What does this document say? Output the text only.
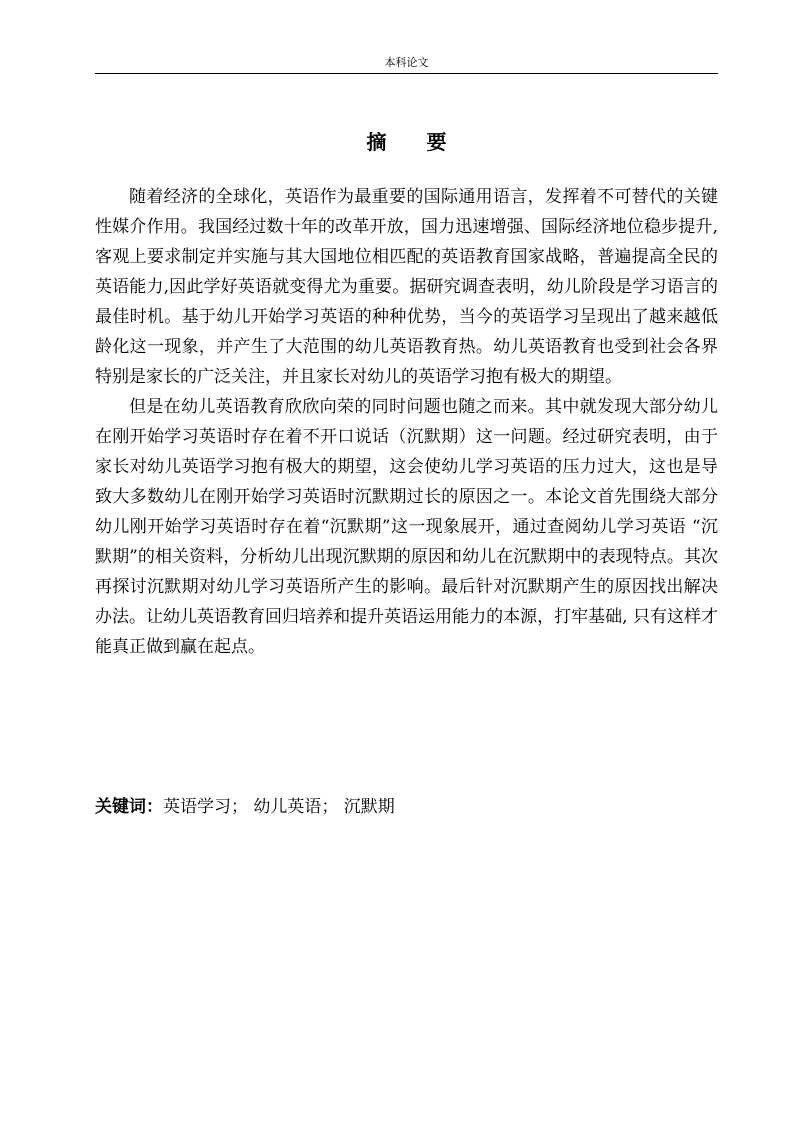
本科论文
摘　　要

随着经济的全球化，英语作为最重要的国际通用语言，发挥着不可替代的关键性媒介作用。我国经过数十年的改革开放，国力迅速增强、国际经济地位稳步提升, 客观上要求制定并实施与其大国地位相匹配的英语教育国家战略，普遍提高全民的英语能力,因此学好英语就变得尤为重要。据研究调查表明，幼儿阶段是学习语言的最佳时机。基于幼儿开始学习英语的种种优势，当今的英语学习呈现出了越来越低龄化这一现象，并产生了大范围的幼儿英语教育热。幼儿英语教育也受到社会各界特别是家长的广泛关注，并且家长对幼儿的英语学习抱有极大的期望。

但是在幼儿英语教育欣欣向荣的同时问题也随之而来。其中就发现大部分幼儿在刚开始学习英语时存在着不开口说话（沉默期）这一问题。经过研究表明，由于家长对幼儿英语学习抱有极大的期望，这会使幼儿学习英语的压力过大，这也是导致大多数幼儿在刚开始学习英语时沉默期过长的原因之一。本论文首先围绕大部分幼儿刚开始学习英语时存在着“沉默期”这一现象展开，通过查阅幼儿学习英语 “沉默期”的相关资料，分析幼儿出现沉默期的原因和幼儿在沉默期中的表现特点。其次再探讨沉默期对幼儿学习英语所产生的影响。最后针对沉默期产生的原因找出解决办法。让幼儿英语教育回归培养和提升英语运用能力的本源，打牢基础, 只有这样才能真正做到赢在起点。

关键词：英语学习； 幼儿英语； 沉默期
